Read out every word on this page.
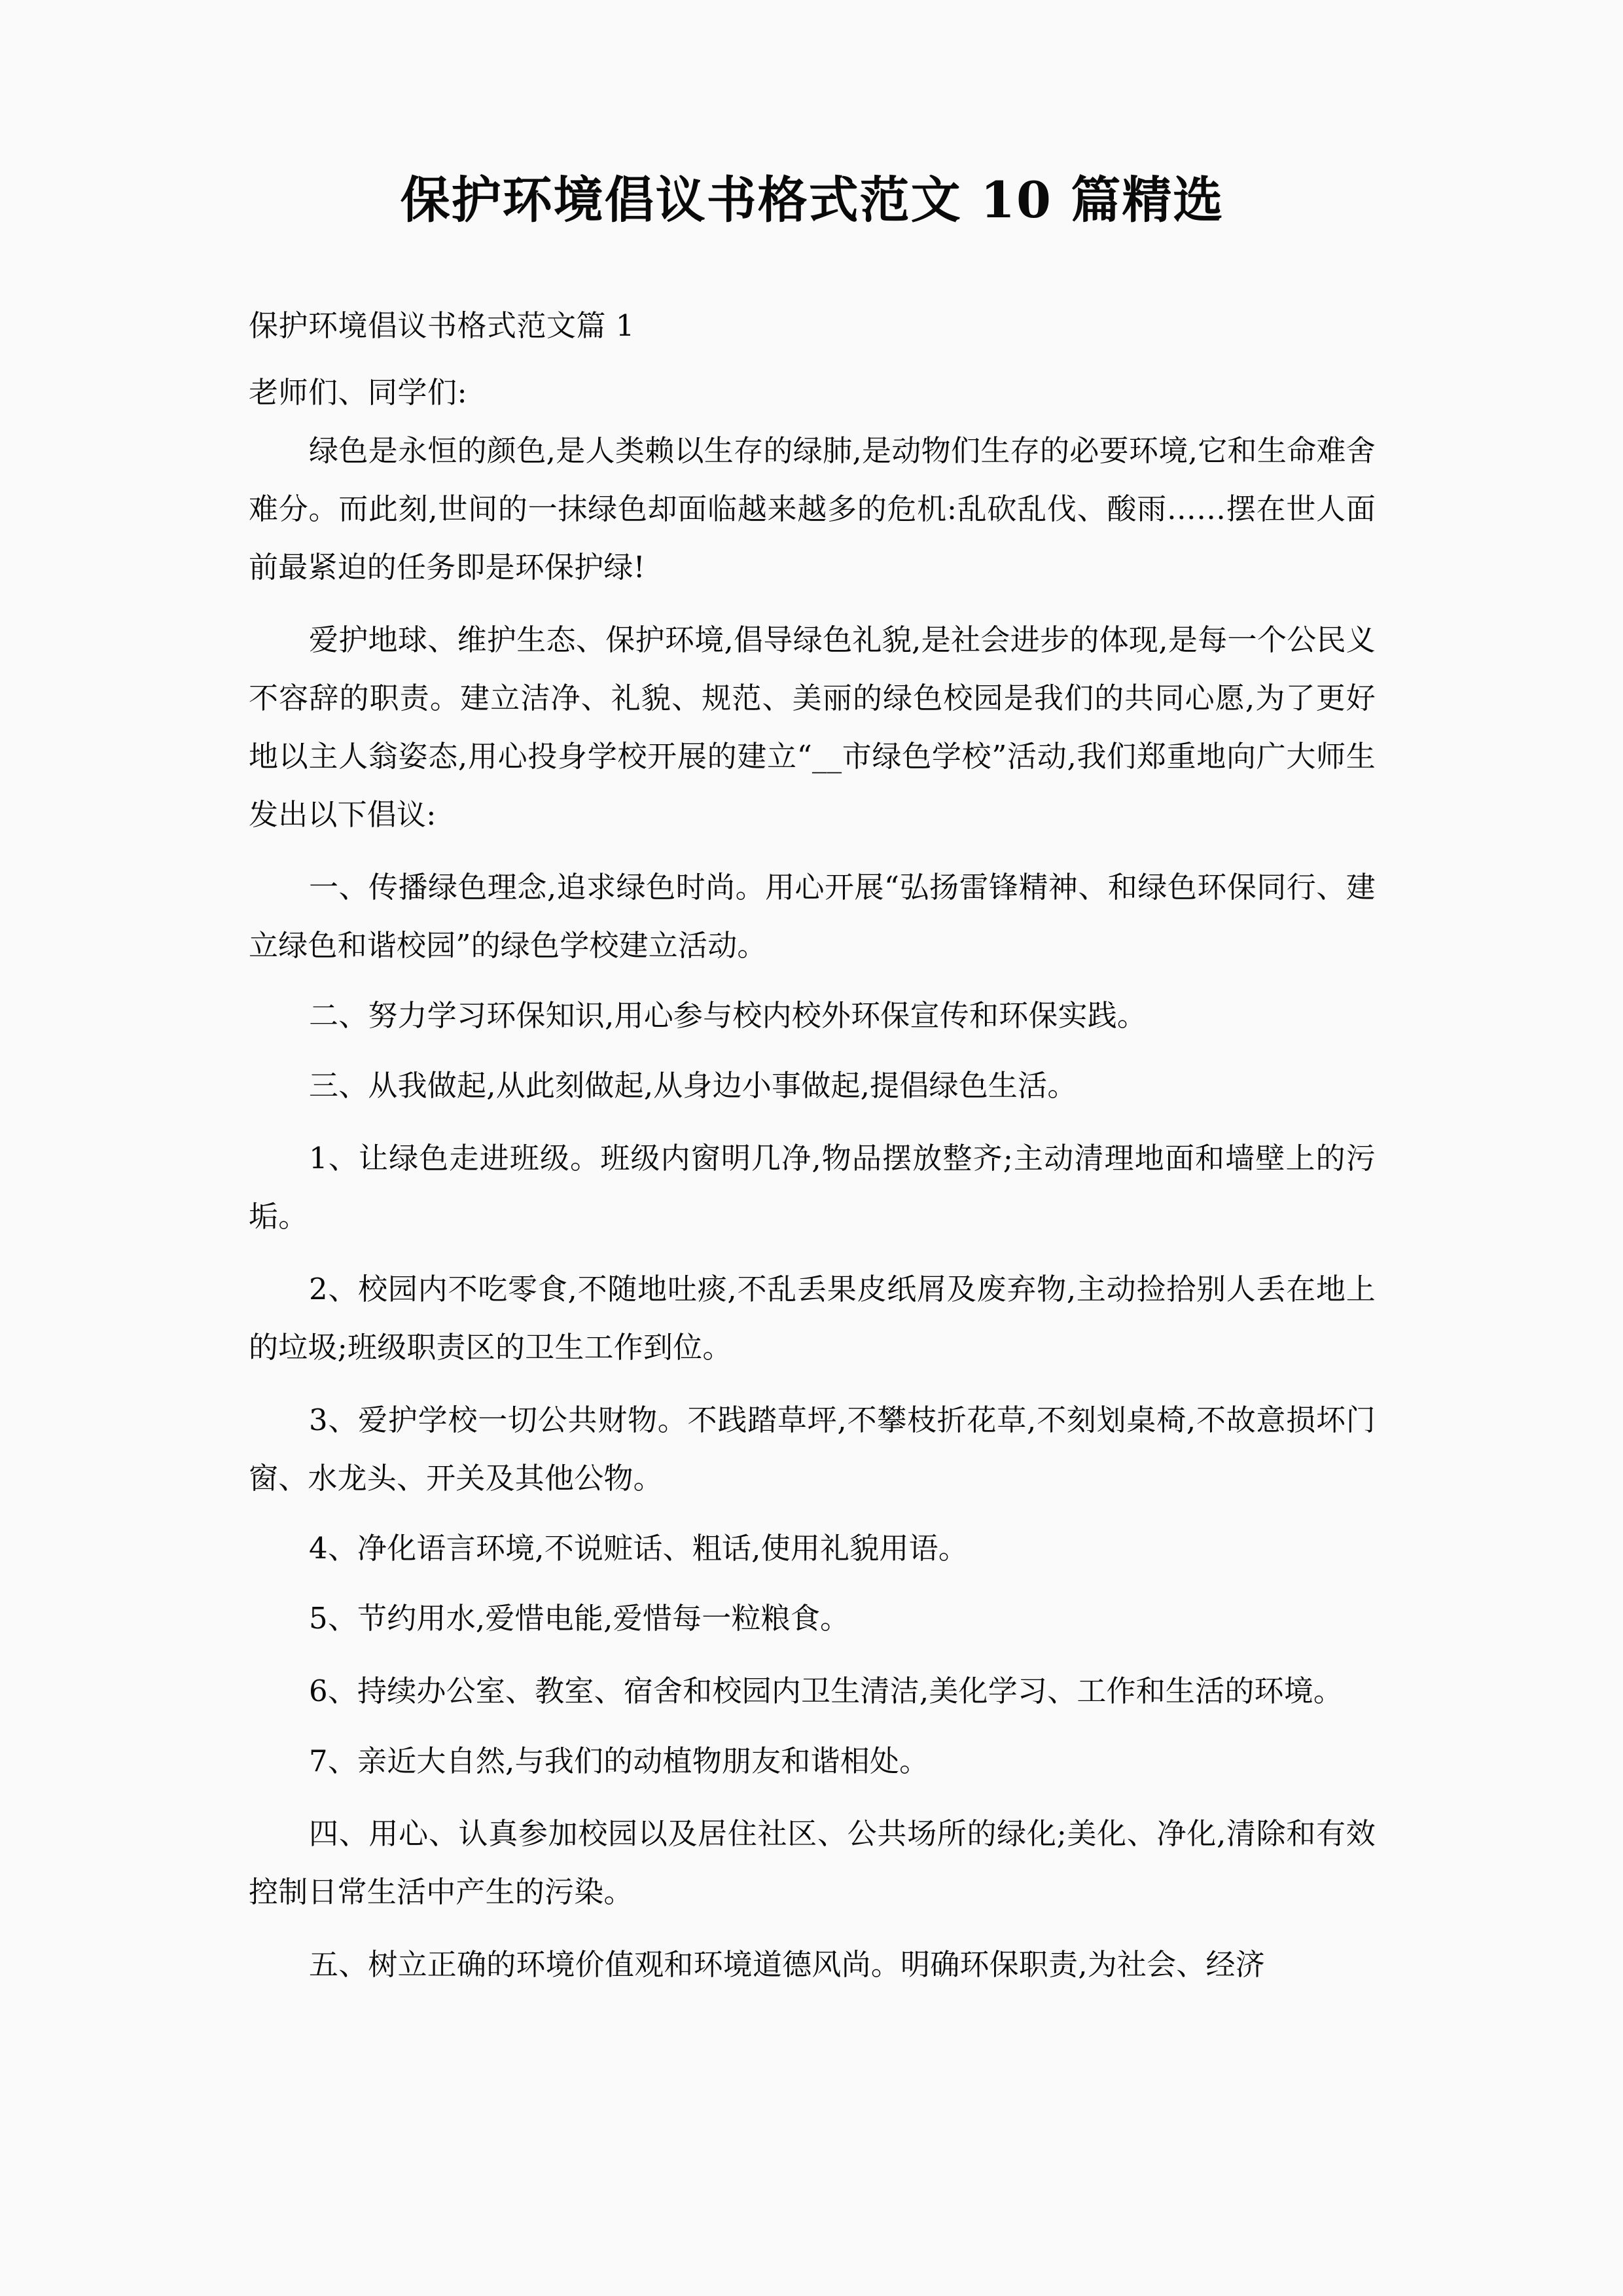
保护环境倡议书格式范文 10 篇精选
保护环境倡议书格式范文篇 1
老师们、同学们:

绿色是永恒的颜色,是人类赖以生存的绿肺,是动物们生存的必要环境,它和生命难舍难分。而此刻,世间的一抹绿色却面临越来越多的危机:乱砍乱伐、酸雨……摆在世人面前最紧迫的任务即是环保护绿!

爱护地球、维护生态、保护环境,倡导绿色礼貌,是社会进步的体现,是每一个公民义不容辞的职责。建立洁净、礼貌、规范、美丽的绿色校园是我们的共同心愿,为了更好地以主人翁姿态,用心投身学校开展的建立“__市绿色学校”活动,我们郑重地向广大师生发出以下倡议:

一、传播绿色理念,追求绿色时尚。用心开展“弘扬雷锋精神、和绿色环保同行、建立绿色和谐校园”的绿色学校建立活动。

二、努力学习环保知识,用心参与校内校外环保宣传和环保实践。

三、从我做起,从此刻做起,从身边小事做起,提倡绿色生活。

1、让绿色走进班级。班级内窗明几净,物品摆放整齐;主动清理地面和墙壁上的污垢。

2、校园内不吃零食,不随地吐痰,不乱丢果皮纸屑及废弃物,主动捡拾别人丢在地上的垃圾;班级职责区的卫生工作到位。

3、爱护学校一切公共财物。不践踏草坪,不攀枝折花草,不刻划桌椅,不故意损坏门窗、水龙头、开关及其他公物。

4、净化语言环境,不说赃话、粗话,使用礼貌用语。

5、节约用水,爱惜电能,爱惜每一粒粮食。

6、持续办公室、教室、宿舍和校园内卫生清洁,美化学习、工作和生活的环境。

7、亲近大自然,与我们的动植物朋友和谐相处。

四、用心、认真参加校园以及居住社区、公共场所的绿化;美化、净化,清除和有效控制日常生活中产生的污染。

五、树立正确的环境价值观和环境道德风尚。明确环保职责,为社会、经济
